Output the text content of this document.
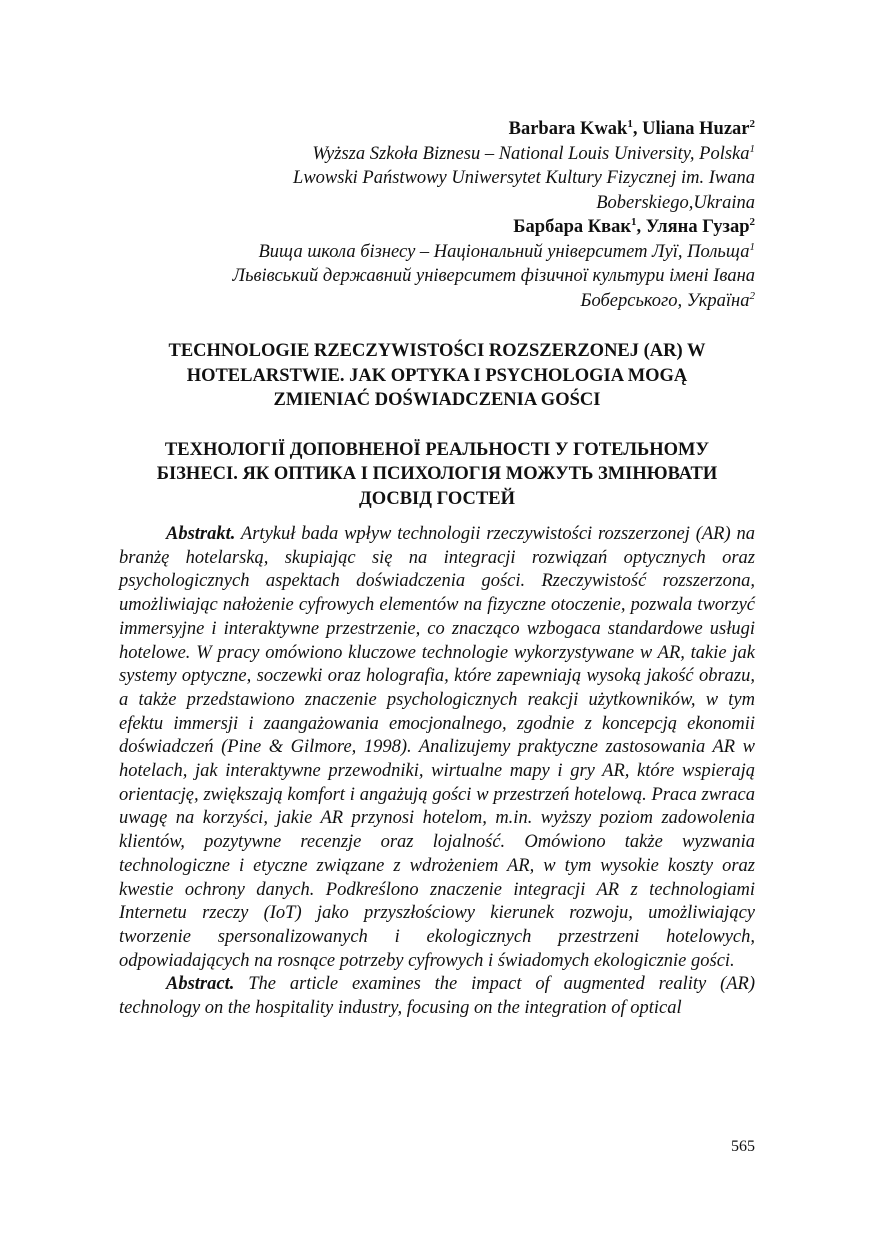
Barbara Kwak$^1$, Uliana Huzar$^2$
Wyższa Szkoła Biznesu – National Louis University, Polska$^1$
Lwowski Państwowy Uniwersytet Kultury Fizycznej im. Iwana
Boberskiego,Ukraina
Барбара Квак$^1$, Уляна Гузар$^2$
Вища школа бізнесу – Національний університет Луї, Польща$^1$
Львівський державний університет фізичної культури імені Івана
Боберського, Україна$^2$
TECHNOLOGIE RZECZYWISTOŚCI ROZSZERZONEJ (AR) W
HOTELARSTWIE. JAK OPTYKA I PSYCHOLOGIA MOGĄ
ZMIENIAĆ DOŚWIADCZENIA GOŚCI
ТЕХНОЛОГІЇ ДОПОВНЕНОЇ РЕАЛЬНОСТІ У ГОТЕЛЬНОМУ
БІЗНЕСІ. ЯК ОПТИКА І ПСИХОЛОГІЯ МОЖУТЬ ЗМІНЮВАТИ
ДОСВІД ГОСТЕЙ

Abstrakt. Artykuł bada wpływ technologii rzeczywistości rozszerzonej (AR) na branżę hotelarską, skupiając się na integracji rozwiązań optycznych oraz psychologicznych aspektach doświadczenia gości. Rzeczywistość rozszerzona, umożliwiając nałożenie cyfrowych elementów na fizyczne otoczenie, pozwala tworzyć immersyjne i interaktywne przestrzenie, co znacząco wzbogaca standardowe usługi hotelowe. W pracy omówiono kluczowe technologie wykorzystywane w AR, takie jak systemy optyczne, soczewki oraz holografia, które zapewniają wysoką jakość obrazu, a także przedstawiono znaczenie psychologicznych reakcji użytkowników, w tym efektu immersji i zaangażowania emocjonalnego, zgodnie z koncepcją ekonomii doświadczeń (Pine & Gilmore, 1998). Analizujemy praktyczne zastosowania AR w hotelach, jak interaktywne przewodniki, wirtualne mapy i gry AR, które wspierają orientację, zwiększają komfort i angażują gości w przestrzeń hotelową. Praca zwraca uwagę na korzyści, jakie AR przynosi hotelom, m.in. wyższy poziom zadowolenia klientów, pozytywne recenzje oraz lojalność. Omówiono także wyzwania technologiczne i etyczne związane z wdrożeniem AR, w tym wysokie koszty oraz kwestie ochrony danych. Podkreślono znaczenie integracji AR z technologiami Internetu rzeczy (IoT) jako przyszłościowy kierunek rozwoju, umożliwiający tworzenie spersonalizowanych i ekologicznych przestrzeni hotelowych, odpowiadających na rosnące potrzeby cyfrowych i świadomych ekologicznie gości.

Abstract. The article examines the impact of augmented reality (AR) technology on the hospitality industry, focusing on the integration of optical

565
